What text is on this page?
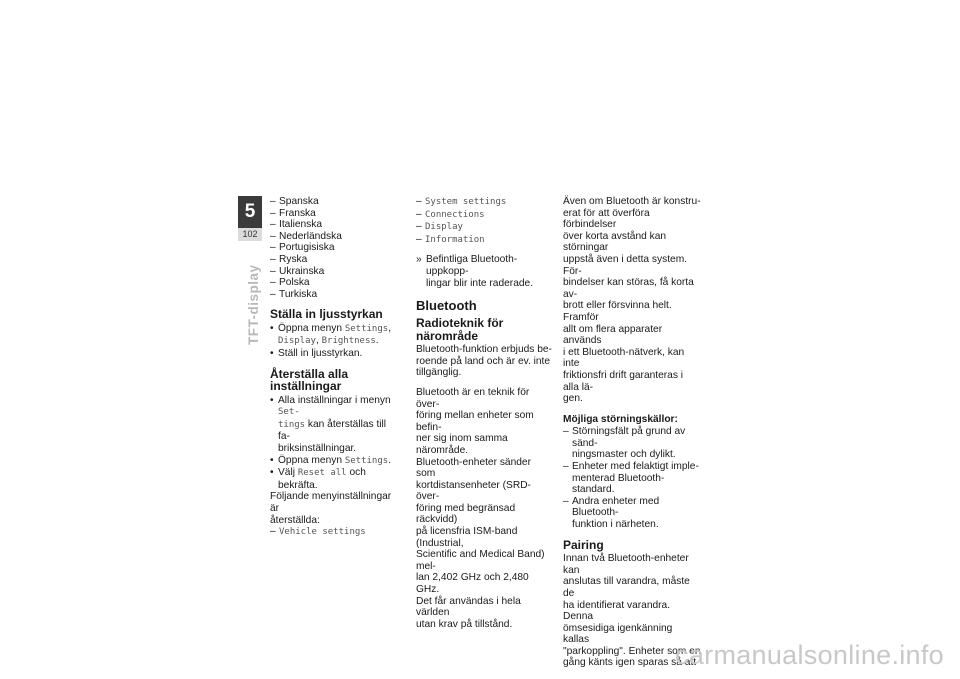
5
102
TFT-display
– Spanska
– Franska
– Italienska
– Nederländska
– Portugisiska
– Ryska
– Ukrainska
– Polska
– Turkiska
Ställa in ljusstyrkan
• Öppna menyn Settings,
Display, Brightness.
• Ställ in ljusstyrkan.
Återställa alla
inställningar
• Alla inställningar i menyn Set-
tings kan återställas till fa-
briksinställningar.
• Öppna menyn Settings.
• Välj Reset all och bekräfta.
Följande menyinställningar är
återställda:
– Vehicle settings
– System settings
– Connections
– Display
– Information
» Befintliga Bluetooth-uppkopp-
lingar blir inte raderade.
Bluetooth
Radioteknik för
närområde
Bluetooth-funktion erbjuds be-
roende på land och är ev. inte
tillgänglig.
Bluetooth är en teknik för över-
föring mellan enheter som befin-
ner sig inom samma närområde.
Bluetooth-enheter sänder som
kortdistansenheter (SRD-över-
föring med begränsad räckvidd)
på licensfria ISM-band (Industrial,
Scientific and Medical Band) mel-
lan 2,402 GHz och 2,480 GHz.
Det får användas i hela världen
utan krav på tillstånd.
Även om Bluetooth är konstru-
erat för att överföra förbindelser
över korta avstånd kan störningar
uppstå även i detta system. För-
bindelser kan störas, få korta av-
brott eller försvinna helt. Framför
allt om flera apparater används
i ett Bluetooth-nätverk, kan inte
friktionsfri drift garanteras i alla lä-
gen.
Möjliga störningskällor:
– Störningsfält på grund av sänd-
ningsmaster och dylikt.
– Enheter med felaktigt imple-
menterad Bluetooth-standard.
– Andra enheter med Bluetooth-
funktion i närheten.
Pairing
Innan två Bluetooth-enheter kan
anslutas till varandra, måste de
ha identifierat varandra. Denna
ömsesidiga igenkänning kallas
"parkoppling". Enheter som en
gång känts igen sparas så att
carmanualsonline.info
